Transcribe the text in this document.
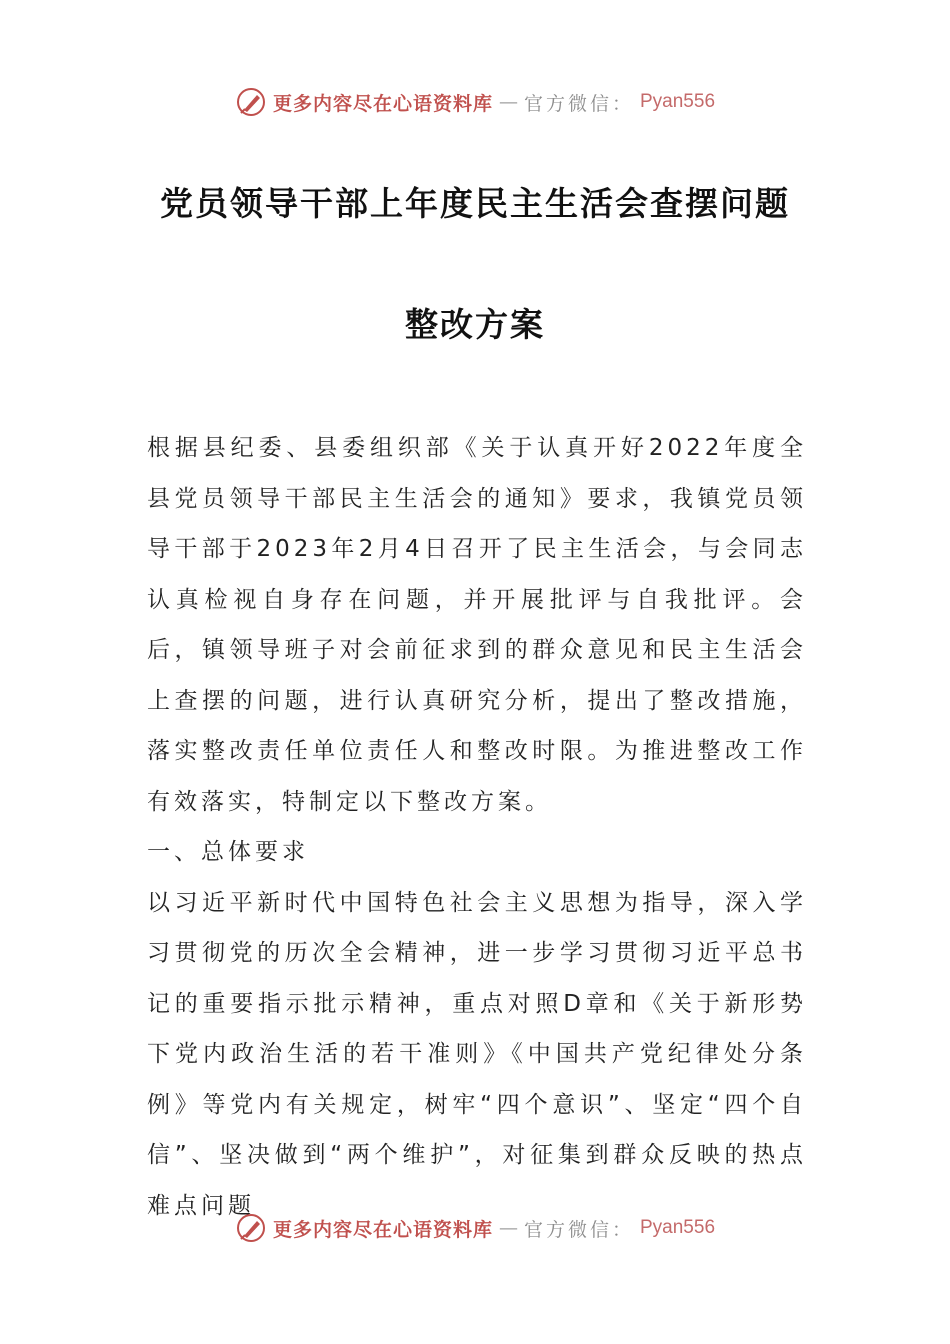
更多内容尽在心语资料库 — 官方微信： Pyan556
党员领导干部上年度民主生活会查摆问题
整改方案

根据县纪委、县委组织部《关于认真开好2022年度全县党员领导干部民主生活会的通知》要求，我镇党员领导干部于2023年2月4日召开了民主生活会，与会同志认真检视自身存在问题，并开展批评与自我批评。会后，镇领导班子对会前征求到的群众意见和民主生活会上查摆的问题，进行认真研究分析，提出了整改措施，落实整改责任单位责任人和整改时限。为推进整改工作有效落实，特制定以下整改方案。

一、总体要求

以习近平新时代中国特色社会主义思想为指导，深入学习贯彻党的历次全会精神，进一步学习贯彻习近平总书记的重要指示批示精神，重点对照D章和《关于新形势下党内政治生活的若干准则》《中国共产党纪律处分条例》等党内有关规定，树牢“四个意识”、坚定“四个自信”、坚决做到“两个维护”，对征集到群众反映的热点难点问题

更多内容尽在心语资料库 — 官方微信： Pyan556
